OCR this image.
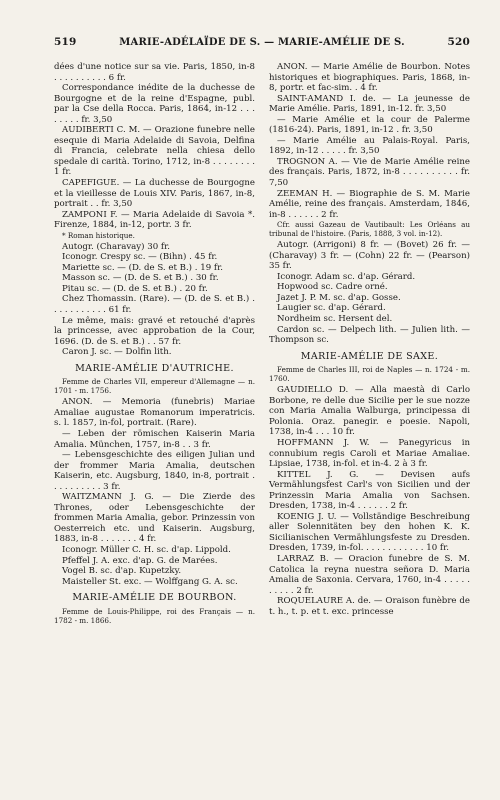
519	MARIE-ADÉLAÏDE DE S. — MARIE-AMÉLIE DE S.	520

dées d'une notice sur sa vie. Paris, 1850, in-8 . . . . . . . . . . 6 fr.

Correspondance inédite de la duchesse de Bourgogne et de la reine d'Espagne, publ. par la Cse della Rocca. Paris, 1864, in-12 . . . . . . . . fr. 3,50

AUDIBERTI C. M. — Orazione funebre nelle esequie di Maria Adelaide di Savoia, Delfina di Francia, celebrate nella chiesa dello spedale di carità. Torino, 1712, in-8 . . . . . . . . 1 fr.

CAPEFIGUE. — La duchesse de Bourgogne et la vieillesse de Louis XIV. Paris, 1867, in-8, portrait . . fr. 3,50

ZAMPONI F. — Maria Adelaide di Savoia *. Firenze, 1884, in-12, portr. 3 fr.

* Roman historique.

Autogr. (Charavay) 30 fr.

Iconogr. Crespy sc. — (Bihn) . 45 fr.

Mariette sc. — (D. de S. et B.) . 19 fr.

Masson sc. — (D. de S. et B.) . 30 fr.

Pitau sc. — (D. de S. et B.) . 20 fr.

Chez Thomassin. (Rare). — (D. de S. et B.) . . . . . . . . . . . 61 fr.

Le même, mais: gravé et retouché d'après la princesse, avec approbation de la Cour, 1696. (D. de S. et B.) . . 57 fr.

Caron J. sc. — Dolfin lith.

MARIE-AMÉLIE D'AUTRICHE.

Femme de Charles VII, empereur d'Allemagne — n. 1701 - m. 1756.

ANON. — Memoria (funebris) Mariae Amaliae augustae Romanorum imperatricis. s. l. 1857, in-fol, portrait. (Rare).

— Leben der römischen Kaiserin Maria Amalia. München, 1757, in-8 . . 3 fr.

— Lebensgeschichte des eiligen Julian und der frommer Maria Amalia, deutschen Kaiserin, etc. Augsburg, 1840, in-8, portrait . . . . . . . . . . 3 fr.

WAITZMANN J. G. — Die Zierde des Thrones, oder Lebensgeschichte der frommen Maria Amalia, gebor. Prinzessin von Oesterreich etc. und Kaiserin. Augsburg, 1883, in-8 . . . . . . . 4 fr.

Iconogr. Müller C. H. sc. d'ap. Lippold.

Pfeffel J. A. exc. d'ap. G. de Marées.

Vogel B. sc. d'ap. Kupetzky.

Maisteller St. exc. — Wolffgang G. A. sc.

MARIE-AMÉLIE DE BOURBON.

Femme de Louis-Philippe, roi des Français — n. 1782 - m. 1866.

ANON. — Marie Amélie de Bourbon. Notes historiques et biographiques. Paris, 1868, in-8, portr. et fac-sim. . 4 fr.

SAINT-AMAND I. de. — La jeunesse de Marie Amélie. Paris, 1891, in-12. fr. 3,50

— Marie Amélie et la cour de Palerme (1816-24). Paris, 1891, in-12 . fr. 3,50

— Marie Amélie au Palais-Royal. Paris, 1892, in-12 . . . . . fr. 3,50

TROGNON A. — Vie de Marie Amélie reine des français. Paris, 1872, in-8 . . . . . . . . . . fr. 7,50

ZEEMAN H. — Biographie de S. M. Marie Amélie, reine des français. Amsterdam, 1846, in-8 . . . . . . 2 fr.

Cfr. aussi Gazeau de Vautibault: Les Orléans au tribunal de l'histoire. (Paris, 1888, 3 vol. in-12).

Autogr. (Arrigoni) 8 fr. — (Bovet) 26 fr. — (Charavay) 3 fr. — (Cohn) 22 fr. — (Pearson) 35 fr.

Iconogr. Adam sc. d'ap. Gérard.

Hopwood sc. Cadre orné.

Jazet J. P. M. sc. d'ap. Gosse.

Laugier sc. d'ap. Gérard.

Nordheim sc. Hersent del.

Cardon sc. — Delpech lith. — Julien lith. — Thompson sc.

MARIE-AMÉLIE DE SAXE.

Femme de Charles III, roi de Naples — n. 1724 - m. 1760.

GAUDIELLO D. — Alla maestà di Carlo Borbone, re delle due Sicilie per le sue nozze con Maria Amalia Walburga, principessa di Polonia. Oraz. panegir. e poesie. Napoli, 1738, in-4 . . . 10 fr.

HOFFMANN J. W. — Panegyricus in connubium regis Caroli et Mariae Amaliae. Lipsiae, 1738, in-fol. et in-4. 2 à 3 fr.

KITTEL J. G. — Devisen aufs Vermählungsfest Carl's von Sicilien und der Prinzessin Maria Amalia von Sachsen. Dresden, 1738, in-4 . . . . . . 2 fr.

KOENIG J. U. — Vollständige Beschreibung aller Solennitäten bey den hohen K. K. Sicilianischen Vermählungsfeste zu Dresden. Dresden, 1739, in-fol. . . . . . . . . . . . 10 fr.

LARRAZ B. — Oracion funebre de S. M. Catolica la reyna nuestra señora D. Maria Amalia de Saxonia. Cervara, 1760, in-4 . . . . . . . . . . 2 fr.

ROQUELAURE A. de. — Oraison funèbre de t. h., t. p. et t. exc. princesse
